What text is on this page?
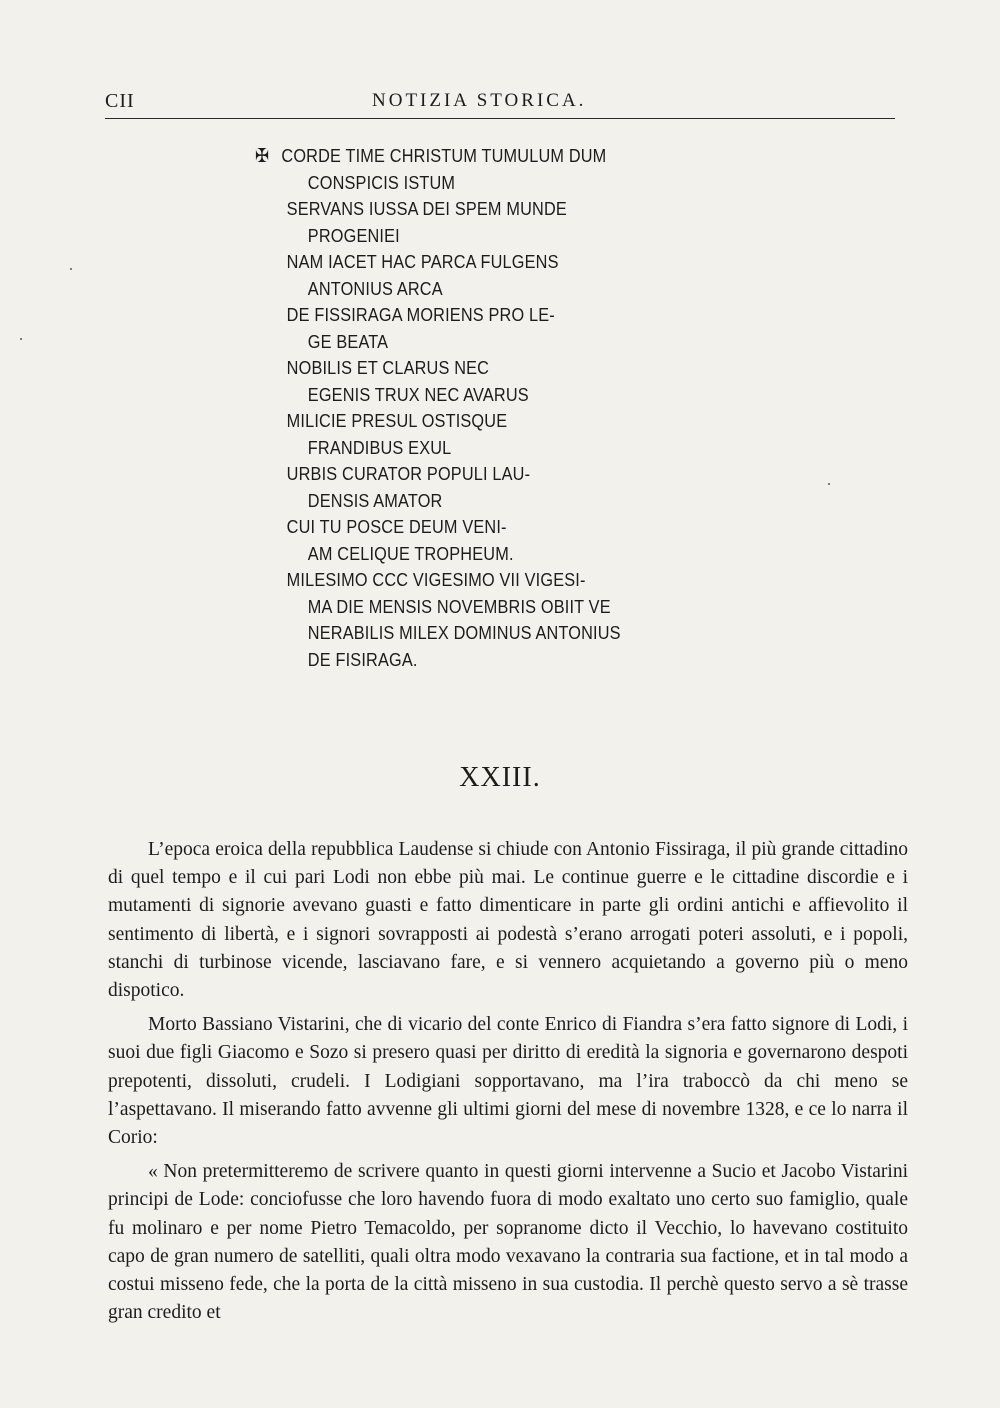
CII	NOTIZIA STORICA.
✠ CORDE TIME CHRISTUM TUMULUM DUM
CONSPICIS ISTUM
SERVANS IUSSA DEI SPEM MUNDE
PROGENIEI
NAM IACET HAC PARCA FULGENS
ANTONIUS ARCA
DE FISSIRAGA MORIENS PRO LE-
GE BEATA
NOBILIS ET CLARUS NEC
EGENIS TRUX NEC AVARUS
MILICIE PRESUL OSTISQUE
FRANDIBUS EXUL
URBIS CURATOR POPULI LAU-
DENSIS AMATOR
CUI TU POSCE DEUM VENI-
AM CELIQUE TROPHEUM.
MILESIMO CCC VIGESIMO VII VIGESI-
MA DIE MENSIS NOVEMBRIS OBIIT VE
NERABILIS MILEX DOMINUS ANTONIUS
DE FISIRAGA.
XXIII.

L’epoca eroica della repubblica Laudense si chiude con Antonio Fissiraga, il più grande cittadino di quel tempo e il cui pari Lodi non ebbe più mai. Le continue guerre e le cittadine discordie e i mutamenti di signorie avevano guasti e fatto dimenticare in parte gli ordini antichi e affievolito il sentimento di libertà, e i signori sovrapposti ai podestà s’erano arrogati poteri assoluti, e i popoli, stanchi di turbinose vicende, lasciavano fare, e si vennero acquietando a governo più o meno dispotico.

Morto Bassiano Vistarini, che di vicario del conte Enrico di Fiandra s’era fatto signore di Lodi, i suoi due figli Giacomo e Sozo si presero quasi per diritto di eredità la signoria e governarono despoti prepotenti, dissoluti, crudeli. I Lodigiani sopportavano, ma l’ira traboccò da chi meno se l’aspettavano. Il miserando fatto avvenne gli ultimi giorni del mese di novembre 1328, e ce lo narra il Corio:

« Non pretermitteremo de scrivere quanto in questi giorni intervenne a Sucio et Jacobo Vistarini principi de Lode: conciofusse che loro havendo fuora di modo exaltato uno certo suo famiglio, quale fu molinaro e per nome Pietro Temacoldo, per sopranome dicto il Vecchio, lo havevano costituito capo de gran numero de satelliti, quali oltra modo vexavano la contraria sua factione, et in tal modo a costui misseno fede, che la porta de la città misseno in sua custodia. Il perchè questo servo a sè trasse gran credito et
